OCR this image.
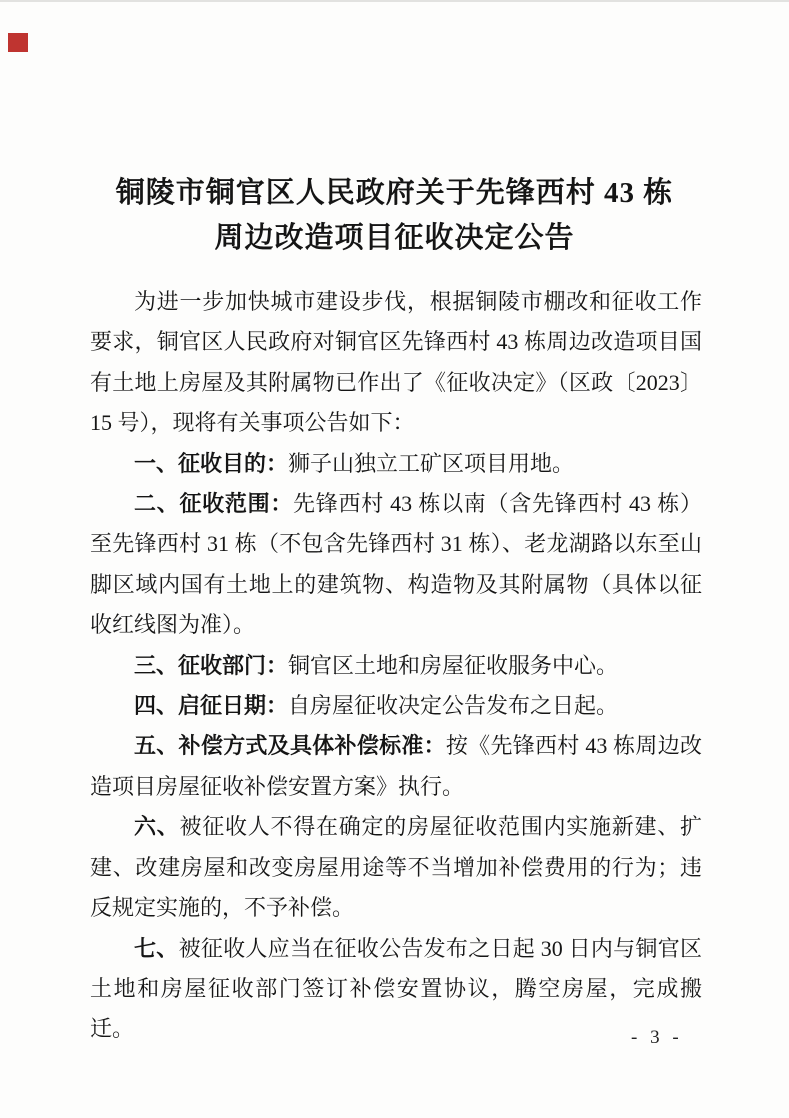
铜陵市铜官区人民政府关于先锋西村 43 栋
周边改造项目征收决定公告

为进一步加快城市建设步伐，根据铜陵市棚改和征收工作要求，铜官区人民政府对铜官区先锋西村 43 栋周边改造项目国有土地上房屋及其附属物已作出了《征收决定》（区政〔2023〕15 号），现将有关事项公告如下：

一、征收目的：狮子山独立工矿区项目用地。

二、征收范围：先锋西村 43 栋以南（含先锋西村 43 栋）至先锋西村 31 栋（不包含先锋西村 31 栋）、老龙湖路以东至山脚区域内国有土地上的建筑物、构造物及其附属物（具体以征收红线图为准）。

三、征收部门：铜官区土地和房屋征收服务中心。

四、启征日期：自房屋征收决定公告发布之日起。

五、补偿方式及具体补偿标准：按《先锋西村 43 栋周边改造项目房屋征收补偿安置方案》执行。

六、被征收人不得在确定的房屋征收范围内实施新建、扩建、改建房屋和改变房屋用途等不当增加补偿费用的行为；违反规定实施的，不予补偿。

七、被征收人应当在征收公告发布之日起 30 日内与铜官区土地和房屋征收部门签订补偿安置协议，腾空房屋，完成搬迁。	- 3 -
